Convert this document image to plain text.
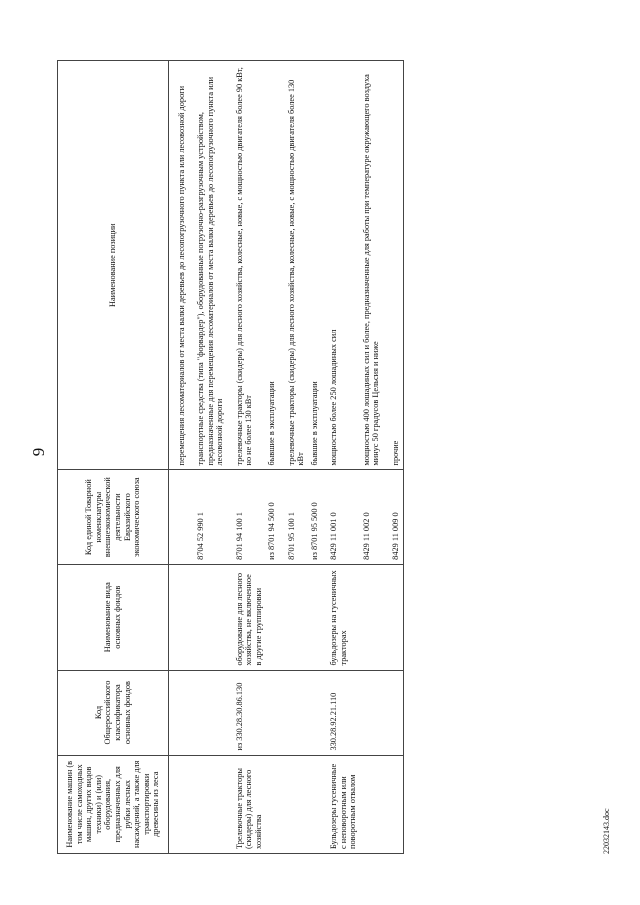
9
Наименование машин (в том числе самоходных машин, других видов техники) и (или) оборудования, предназначенных для рубки лесных насаждений, а также для транспортировки древесины из леса	Код Общероссийского классификатора основных фондов	Наименование вида основных фондов	Код единой Товарной номенклатуры внешнеэкономической деятельности Евразийского экономического союза	Наименование позиции

				перемещения лесоматериалов от места валки деревьев до лесопогрузочного пункта или лесовозной дороги

			8704 52 990 1	транспортные средства (типа "форвардер"), оборудованные погрузочно-разгрузочным устройством, предназначенные для перемещения лесоматериалов от места валки деревьев до лесопогрузочного пункта или лесовозной дороги

Трелевочные тракторы (скидеры) для лесного хозяйства	из 330.28.30.86.130	оборудование для лесного хозяйства, не включенное в другие группировки	8701 94 100 1	трелевочные тракторы (скидеры) для лесного хозяйства, колесные, новые, с мощностью двигателя более 90 кВт, но не более 130 кВт
			из 8701 94 500 0	бывшие в эксплуатации

			8701 95 100 1	трелевочные тракторы (скидеры) для лесного хозяйства, колесные, новые, с мощностью двигателя более 130 кВт
			из 8701 95 500 0	бывшие в эксплуатации

Бульдозеры гусеничные с неповоротным или поворотным отвалом	330.28.92.21.110	бульдозеры на гусеничных тракторах	8429 11 001 0	мощностью более 250 лошадиных сил
			8429 11 002 0	мощностью 400 лошадиных сил и более, предназначенные для работы при температуре окружающего воздуха минус 50 градусов Цельсия и ниже

			8429 11 009 0	прочие
22032143.doc
